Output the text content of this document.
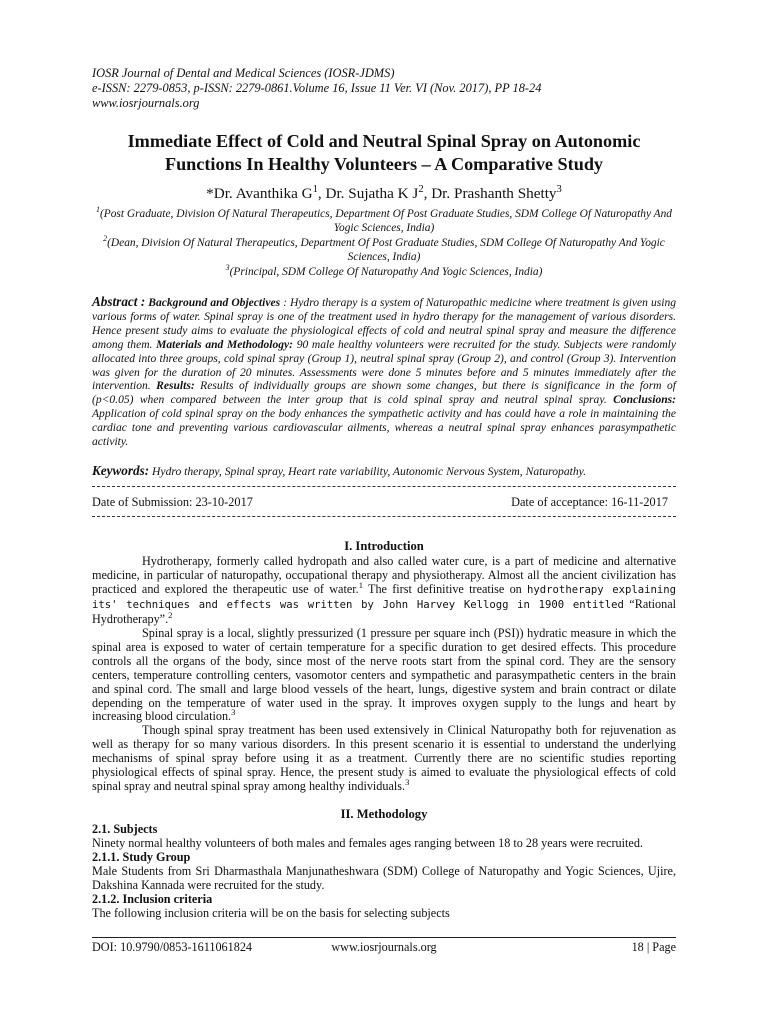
IOSR Journal of Dental and Medical Sciences (IOSR-JDMS)
e-ISSN: 2279-0853, p-ISSN: 2279-0861.Volume 16, Issue 11 Ver. VI (Nov. 2017), PP 18-24
www.iosrjournals.org
Immediate Effect of Cold and Neutral Spinal Spray on Autonomic
Functions In Healthy Volunteers – A Comparative Study
*Dr. Avanthika $G^1$, Dr. Sujatha K $J^2$, Dr. Prashanth Shetty$^3$

$^1$(Post Graduate, Division Of Natural Therapeutics, Department Of Post Graduate Studies, SDM College Of Naturopathy And Yogic Sciences, India)

$^2$(Dean, Division Of Natural Therapeutics, Department Of Post Graduate Studies, SDM College Of Naturopathy And Yogic Sciences, India)

$^3$(Principal, SDM College Of Naturopathy And Yogic Sciences, India)

Abstract : Background and Objectives : Hydro therapy is a system of Naturopathic medicine where treatment is given using various forms of water. Spinal spray is one of the treatment used in hydro therapy for the management of various disorders. Hence present study aims to evaluate the physiological effects of cold and neutral spinal spray and measure the difference among them. Materials and Methodology: 90 male healthy volunteers were recruited for the study. Subjects were randomly allocated into three groups, cold spinal spray (Group 1), neutral spinal spray (Group 2), and control (Group 3). Intervention was given for the duration of 20 minutes. Assessments were done 5 minutes before and 5 minutes immediately after the intervention. Results: Results of individually groups are shown some changes, but there is significance in the form of (p<0.05) when compared between the inter group that is cold spinal spray and neutral spinal spray. Conclusions: Application of cold spinal spray on the body enhances the sympathetic activity and has could have a role in maintaining the cardiac tone and preventing various cardiovascular ailments, whereas a neutral spinal spray enhances parasympathetic activity.
Keywords: Hydro therapy, Spinal spray, Heart rate variability, Autonomic Nervous System, Naturopathy.
Date of Submission: 23-10-2017	Date of acceptance: 16-11-2017
I. Introduction

Hydrotherapy, formerly called hydropath and also called water cure, is a part of medicine and alternative medicine, in particular of naturopathy, occupational therapy and physiotherapy. Almost all the ancient civilization has practiced and explored the therapeutic use of water.$^1$ The first definitive treatise on hydrotherapy explaining its' techniques and effects was written by John Harvey Kellogg in 1900 entitled “Rational Hydrotherapy”.$^2$

Spinal spray is a local, slightly pressurized (1 pressure per square inch (PSI)) hydratic measure in which the spinal area is exposed to water of certain temperature for a specific duration to get desired effects. This procedure controls all the organs of the body, since most of the nerve roots start from the spinal cord. They are the sensory centers, temperature controlling centers, vasomotor centers and sympathetic and parasympathetic centers in the brain and spinal cord. The small and large blood vessels of the heart, lungs, digestive system and brain contract or dilate depending on the temperature of water used in the spray. It improves oxygen supply to the lungs and heart by increasing blood circulation.$^3$

Though spinal spray treatment has been used extensively in Clinical Naturopathy both for rejuvenation as well as therapy for so many various disorders. In this present scenario it is essential to understand the underlying mechanisms of spinal spray before using it as a treatment. Currently there are no scientific studies reporting physiological effects of spinal spray. Hence, the present study is aimed to evaluate the physiological effects of cold spinal spray and neutral spinal spray among healthy individuals.$^3$

II. Methodology

2.1. Subjects

Ninety normal healthy volunteers of both males and females ages ranging between 18 to 28 years were recruited.

2.1.1. Study Group

Male Students from Sri Dharmasthala Manjunatheshwara (SDM) College of Naturopathy and Yogic Sciences, Ujire, Dakshina Kannada were recruited for the study.

2.1.2. Inclusion criteria

The following inclusion criteria will be on the basis for selecting subjects

DOI: 10.9790/0853-1611061824	www.iosrjournals.org	18 | Page
